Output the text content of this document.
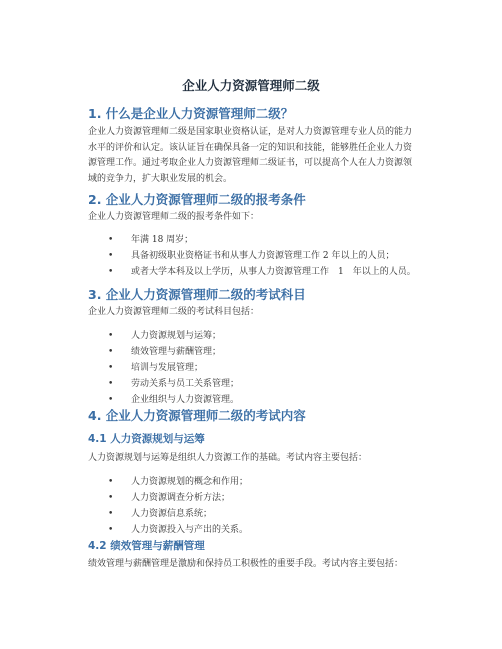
企业人力资源管理师二级
1. 什么是企业人力资源管理师二级？
企业人力资源管理师二级是国家职业资格认证，是对人力资源管理专业人员的能力水平的评价和认定。该认证旨在确保具备一定的知识和技能，能够胜任企业人力资源管理工作。通过考取企业人力资源管理师二级证书，可以提高个人在人力资源领域的竞争力，扩大职业发展的机会。
2. 企业人力资源管理师二级的报考条件
企业人力资源管理师二级的报考条件如下：
• 年满 18 周岁；
• 具备初级职业资格证书和从事人力资源管理工作 2 年以上的人员；
• 或者大学本科及以上学历，从事人力资源管理工作　1　年以上的人员。
3. 企业人力资源管理师二级的考试科目
企业人力资源管理师二级的考试科目包括：
• 人力资源规划与运筹；
• 绩效管理与薪酬管理；
• 培训与发展管理；
• 劳动关系与员工关系管理；
• 企业组织与人力资源管理。
4. 企业人力资源管理师二级的考试内容
4.1 人力资源规划与运筹
人力资源规划与运筹是组织人力资源工作的基础。考试内容主要包括：
• 人力资源规划的概念和作用；
• 人力资源调查分析方法；
• 人力资源信息系统；
• 人力资源投入与产出的关系。
4.2 绩效管理与薪酬管理
绩效管理与薪酬管理是激励和保持员工积极性的重要手段。考试内容主要包括：
